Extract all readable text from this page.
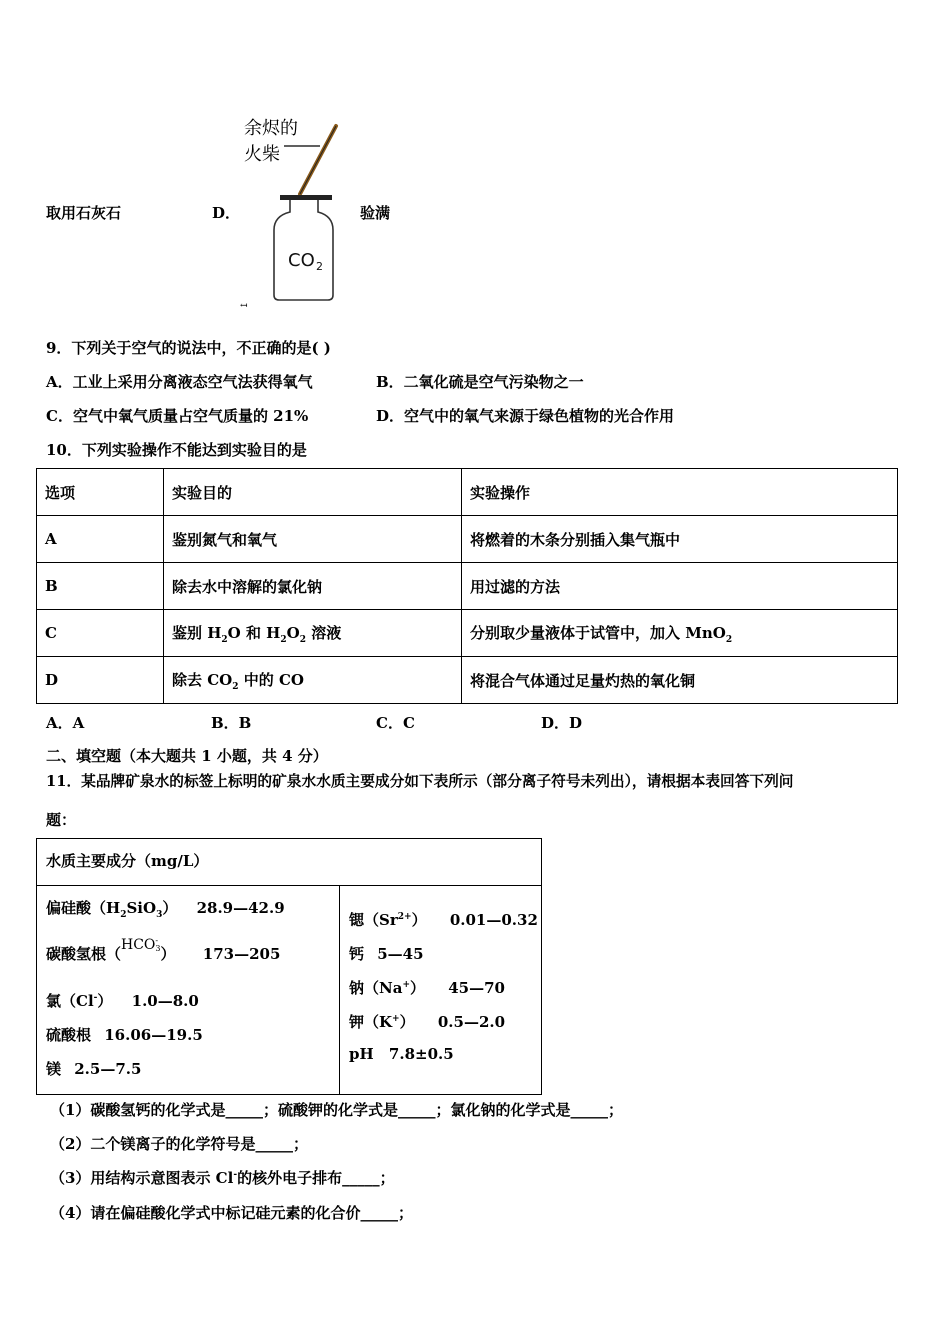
取用石灰石	D．
CO 2
↤
余烬的
火柴
验满
9．下列关于空气的说法中，不正确的是( )
A．工业上采用分离液态空气法获得氧气	B．二氧化硫是空气污染物之一
C．空气中氧气质量占空气质量的 21%	D．空气中的氧气来源于绿色植物的光合作用
10．下列实验操作不能达到实验目的是
选项	实验目的	实验操作
A	鉴别氮气和氧气	将燃着的木条分别插入集气瓶中
B	除去水中溶解的氯化钠	用过滤的方法
C	鉴别 $H_2O$ 和 $H_2O_2$ 溶液	分别取少量液体于试管中，加入 MnO$_2$
D	除去 $CO_2$ 中的 CO	将混合气体通过足量灼热的氧化铜
A．A	B．B	C．C	D．D
二、填空题（本大题共 1 小题，共 4 分）
11．某品牌矿泉水的标签上标明的矿泉水水质主要成分如下表所示（部分离子符号未列出），请根据本表回答下列问
题：
水质主要成分（mg/L）
偏硅酸$(H_2SiO_3)$ 28.9—42.9
碳酸氢根（HCO-
3） 173—205
氯（Cl-） 1.0—8.0
硫酸根 16.06—19.5
镁 2.5—7.5
锶$(Sr^{2+})$ 0.01—0.32
钙 5—45
钠（Na+） 45—70
钾（K+） 0.5—2.0
pH 7.8±0.5
（1）碳酸氢钙的化学式是_____；硫酸钾的化学式是_____；氯化钠的化学式是_____；
（2）二个镁离子的化学符号是_____；
（3）用结构示意图表示 Cl-的核外电子排布_____；
（4）请在偏硅酸化学式中标记硅元素的化合价_____；
